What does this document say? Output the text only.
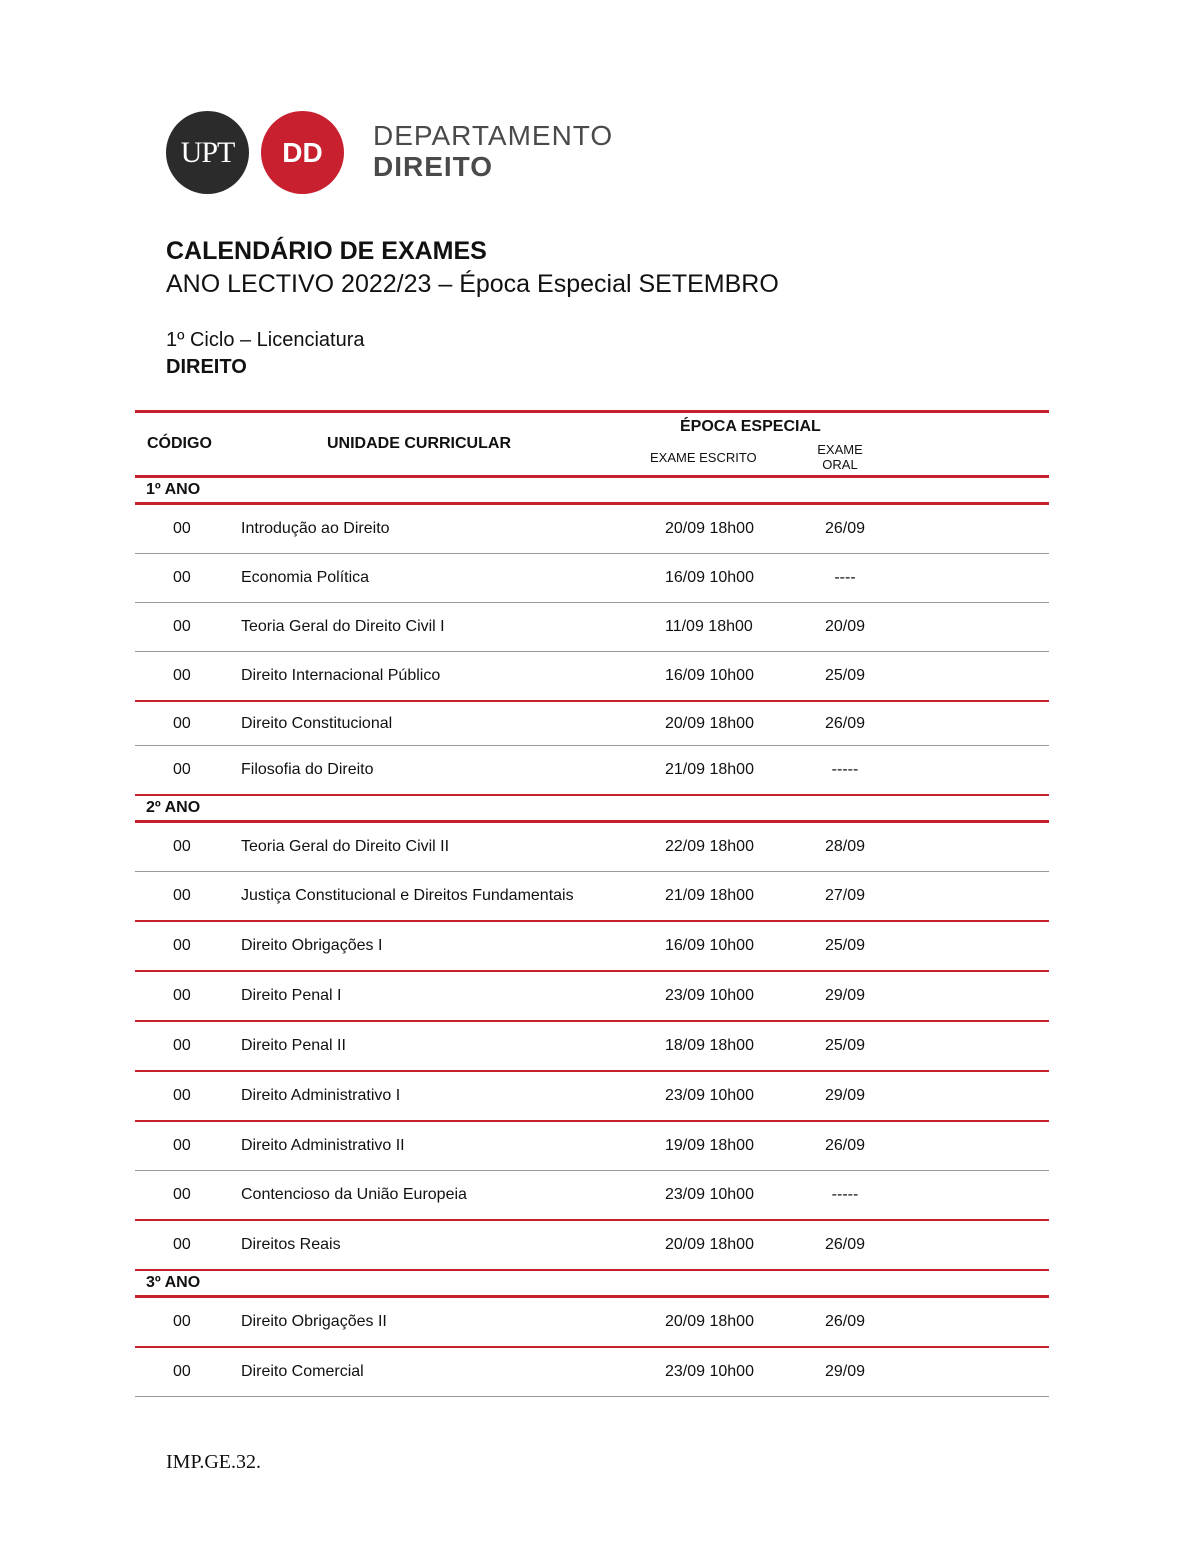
UPT	DD
DEPARTAMENTO
DIREITO
CALENDÁRIO DE EXAMES
ANO LECTIVO 2022/23 – Época Especial SETEMBRO
1º Ciclo – Licenciatura
DIREITO
CÓDIGO	UNIDADE CURRICULAR
ÉPOCA ESPECIAL
EXAME ESCRITO
EXAME ORAL
1º ANO
00	Introdução ao Direito	20/09 18h00	26/09
00	Economia Política	16/09 10h00	----
00	Teoria Geral do Direito Civil I	11/09 18h00	20/09
00	Direito Internacional Público	16/09 10h00	25/09
00	Direito Constitucional	20/09 18h00	26/09
00	Filosofia do Direito	21/09 18h00	-----
2º ANO
00	Teoria Geral do Direito Civil II	22/09 18h00	28/09
00	Justiça Constitucional e Direitos Fundamentais	21/09 18h00	27/09
00	Direito Obrigações I	16/09 10h00	25/09
00	Direito Penal I	23/09 10h00	29/09
00	Direito Penal II	18/09 18h00	25/09
00	Direito Administrativo I	23/09 10h00	29/09
00	Direito Administrativo II	19/09 18h00	26/09
00	Contencioso da União Europeia	23/09 10h00	-----
00	Direitos Reais	20/09 18h00	26/09
3º ANO
00	Direito Obrigações II	20/09 18h00	26/09
00	Direito Comercial	23/09 10h00	29/09
IMP.GE.32.
